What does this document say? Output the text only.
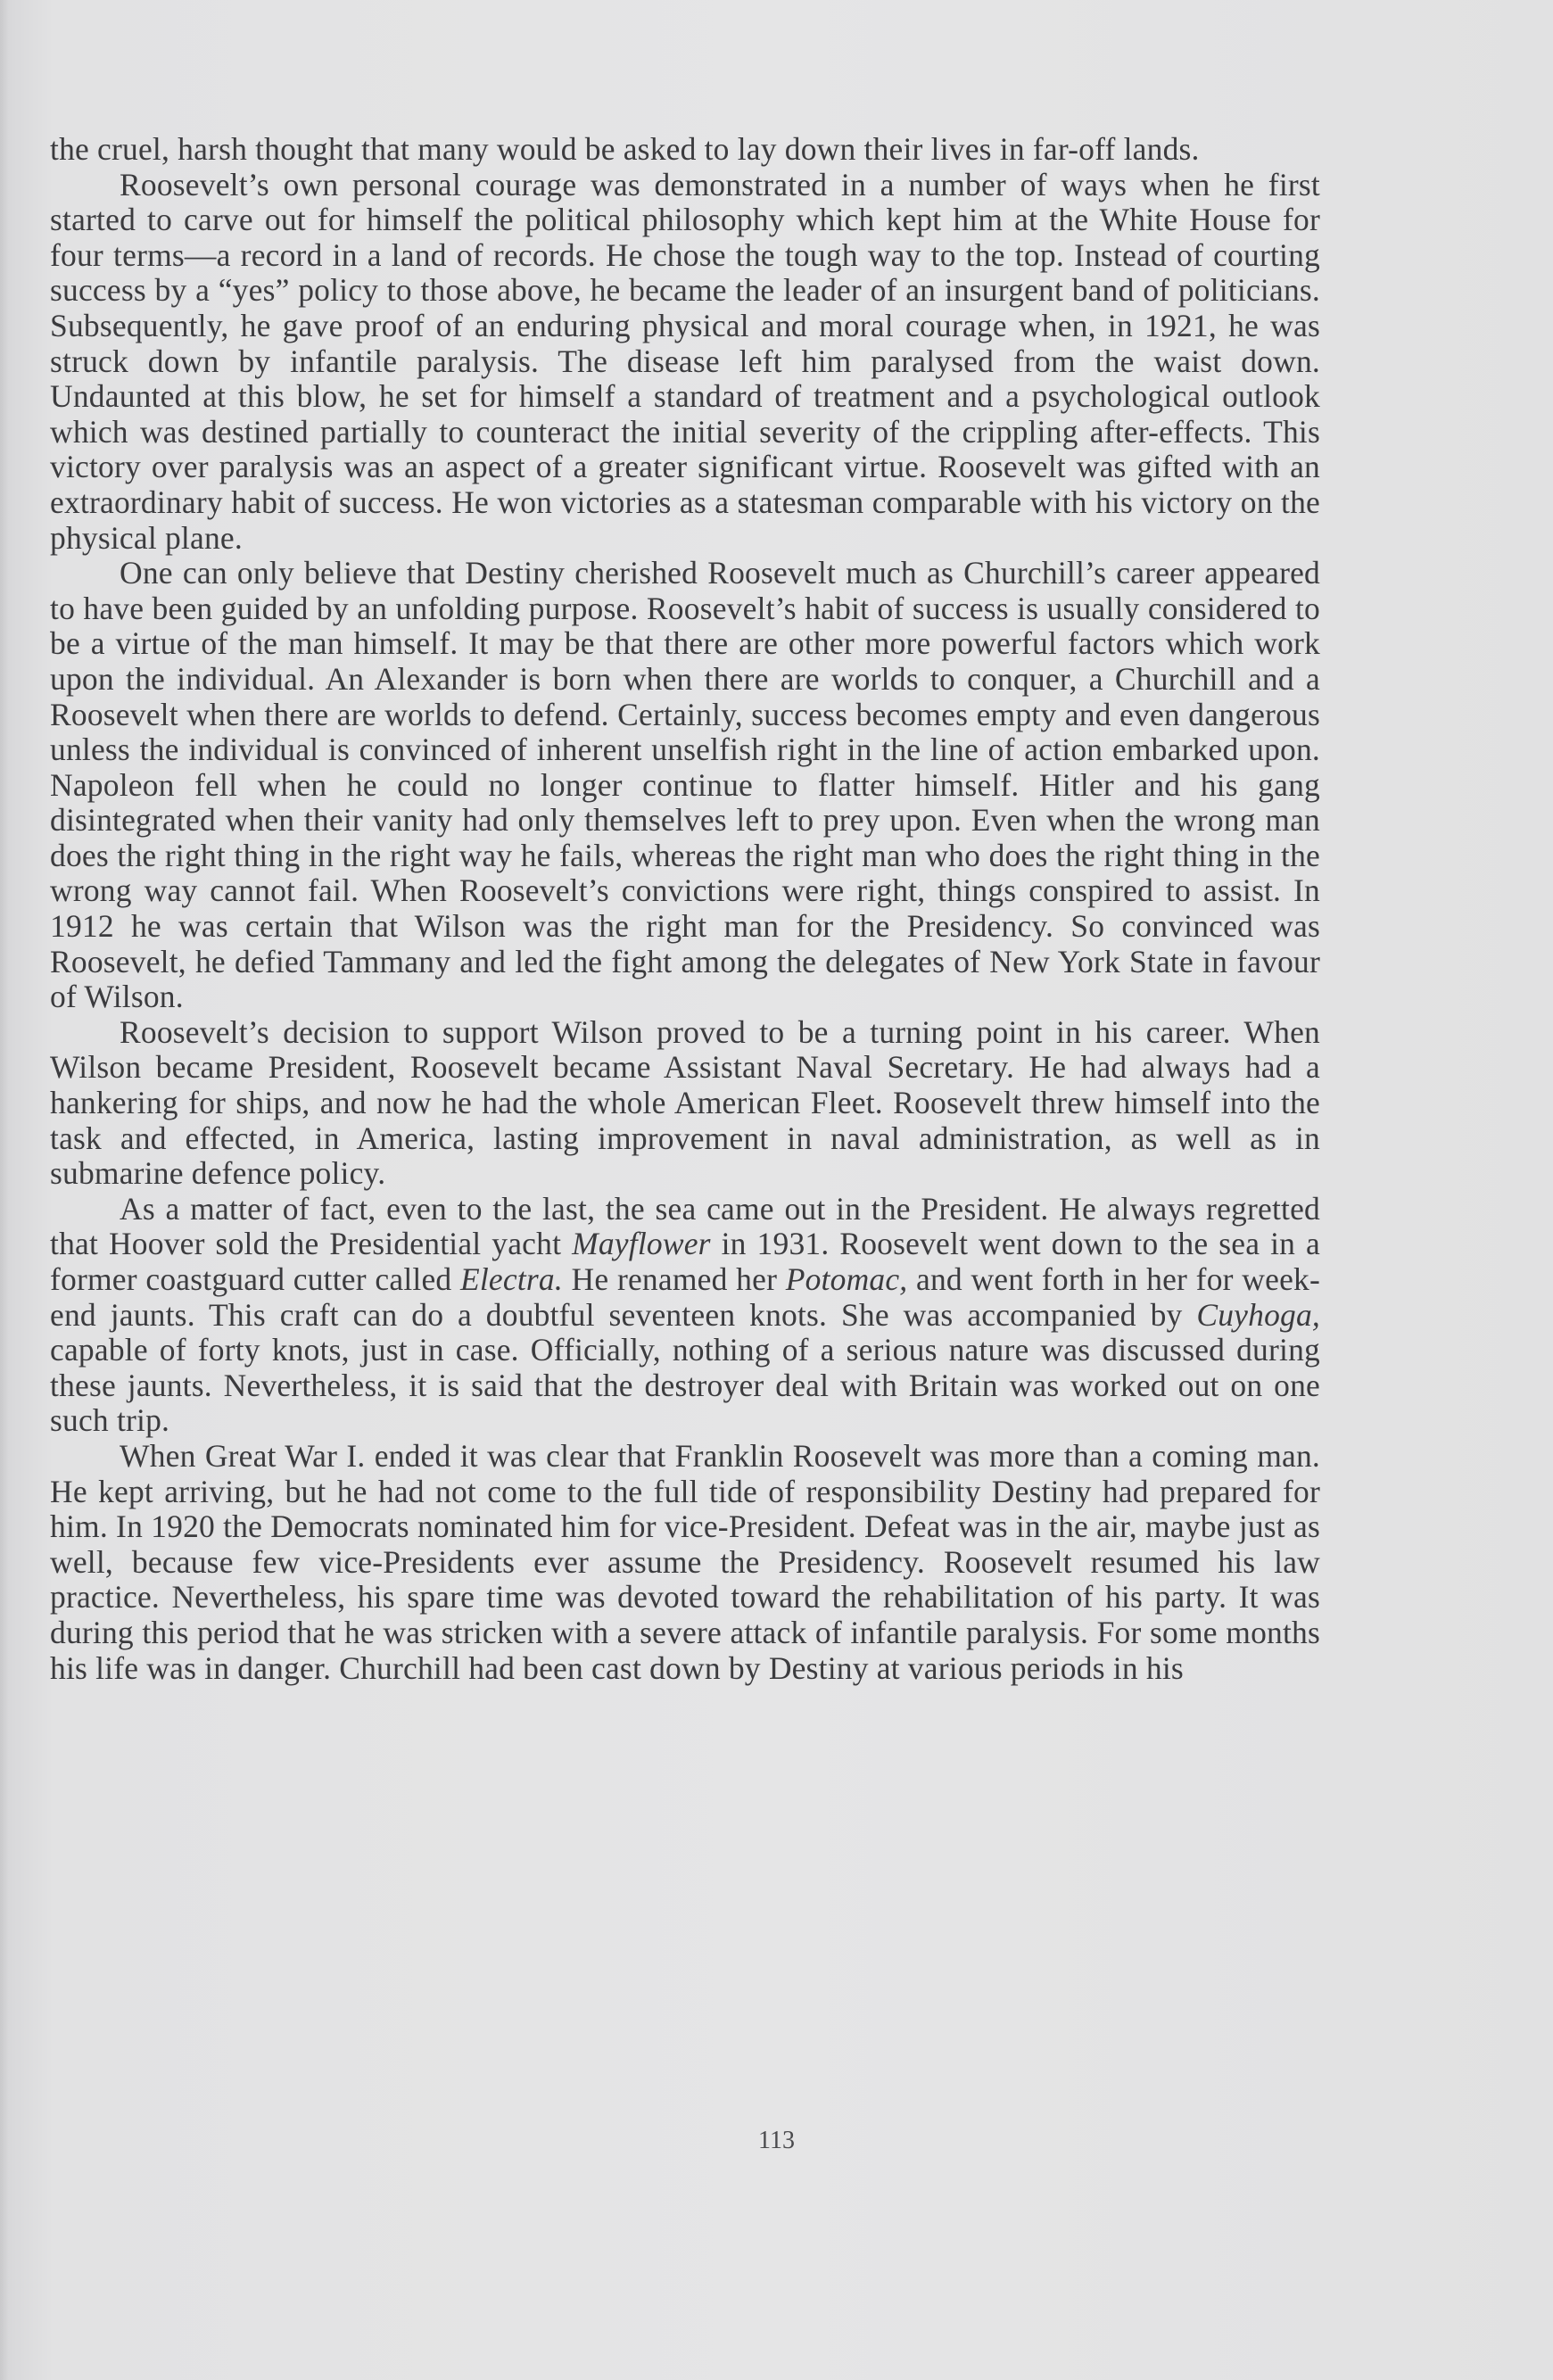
the cruel, harsh thought that many would be asked to lay down their lives in far-off lands.

Roosevelt’s own personal courage was demonstrated in a number of ways when he first started to carve out for himself the political philosophy which kept him at the White House for four terms—a record in a land of records. He chose the tough way to the top. Instead of courting success by a “yes” policy to those above, he became the leader of an insurgent band of politicians. Subsequently, he gave proof of an enduring physical and moral courage when, in 1921, he was struck down by infantile paralysis. The disease left him paralysed from the waist down. Undaunted at this blow, he set for himself a standard of treatment and a psychological outlook which was destined partially to counteract the initial severity of the crippling after-effects. This victory over paralysis was an aspect of a greater significant virtue. Roosevelt was gifted with an extraordinary habit of success. He won victories as a statesman comparable with his victory on the physical plane.

One can only believe that Destiny cherished Roosevelt much as Churchill’s career appeared to have been guided by an unfolding purpose. Roosevelt’s habit of success is usually considered to be a virtue of the man himself. It may be that there are other more powerful factors which work upon the individual. An Alexander is born when there are worlds to conquer, a Churchill and a Roosevelt when there are worlds to defend. Certainly, success becomes empty and even dangerous unless the individual is convinced of inherent unselfish right in the line of action embarked upon. Napoleon fell when he could no longer continue to flatter himself. Hitler and his gang disintegrated when their vanity had only themselves left to prey upon. Even when the wrong man does the right thing in the right way he fails, whereas the right man who does the right thing in the wrong way cannot fail. When Roosevelt’s convictions were right, things conspired to assist. In 1912 he was certain that Wilson was the right man for the Presidency. So convinced was Roosevelt, he defied Tammany and led the fight among the delegates of New York State in favour of Wilson.

Roosevelt’s decision to support Wilson proved to be a turning point in his career. When Wilson became President, Roosevelt became Assistant Naval Secretary. He had always had a hankering for ships, and now he had the whole American Fleet. Roosevelt threw himself into the task and effected, in America, lasting improvement in naval administration, as well as in submarine defence policy.

As a matter of fact, even to the last, the sea came out in the President. He always regretted that Hoover sold the Presidential yacht Mayflower in 1931. Roosevelt went down to the sea in a former coastguard cutter called Electra. He renamed her Potomac, and went forth in her for week-end jaunts. This craft can do a doubtful seventeen knots. She was accompanied by Cuyhoga, capable of forty knots, just in case. Officially, nothing of a serious nature was discussed during these jaunts. Nevertheless, it is said that the destroyer deal with Britain was worked out on one such trip.

When Great War I. ended it was clear that Franklin Roosevelt was more than a coming man. He kept arriving, but he had not come to the full tide of responsibility Destiny had prepared for him. In 1920 the Democrats nominated him for vice-President. Defeat was in the air, maybe just as well, because few vice-Presidents ever assume the Presidency. Roosevelt resumed his law practice. Nevertheless, his spare time was devoted toward the rehabilitation of his party. It was during this period that he was stricken with a severe attack of infantile paralysis. For some months his life was in danger. Churchill had been cast down by Destiny at various periods in his

113
